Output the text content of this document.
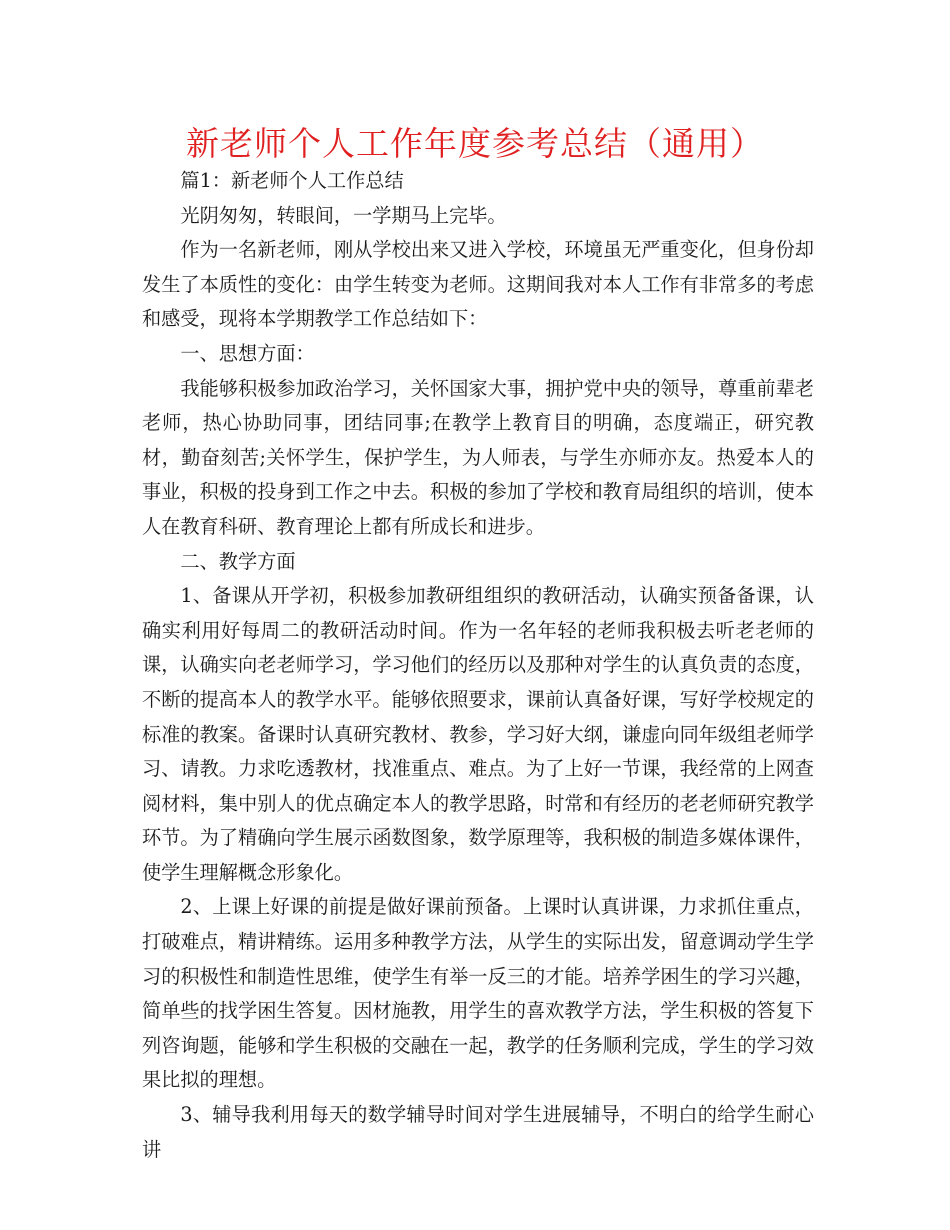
新老师个人工作年度参考总结（通用）

篇1：新老师个人工作总结

光阴匆匆，转眼间，一学期马上完毕。

作为一名新老师，刚从学校出来又进入学校，环境虽无严重变化，但身份却发生了本质性的变化：由学生转变为老师。这期间我对本人工作有非常多的考虑和感受，现将本学期教学工作总结如下：

一、思想方面：

我能够积极参加政治学习，关怀国家大事，拥护党中央的领导，尊重前辈老老师，热心协助同事，团结同事;在教学上教育目的明确，态度端正，研究教材，勤奋刻苦;关怀学生，保护学生，为人师表，与学生亦师亦友。热爱本人的事业，积极的投身到工作之中去。积极的参加了学校和教育局组织的培训，使本人在教育科研、教育理论上都有所成长和进步。

二、教学方面

1、备课从开学初，积极参加教研组组织的教研活动，认确实预备备课，认确实利用好每周二的教研活动时间。作为一名年轻的老师我积极去听老老师的课，认确实向老老师学习，学习他们的经历以及那种对学生的认真负责的态度，不断的提高本人的教学水平。能够依照要求，课前认真备好课，写好学校规定的标准的教案。备课时认真研究教材、教参，学习好大纲，谦虚向同年级组老师学习、请教。力求吃透教材，找准重点、难点。为了上好一节课，我经常的上网查阅材料，集中别人的优点确定本人的教学思路，时常和有经历的老老师研究教学环节。为了精确向学生展示函数图象，数学原理等，我积极的制造多媒体课件，使学生理解概念形象化。

2、上课上好课的前提是做好课前预备。上课时认真讲课，力求抓住重点，打破难点，精讲精练。运用多种教学方法，从学生的实际出发，留意调动学生学习的积极性和制造性思维，使学生有举一反三的才能。培养学困生的学习兴趣，简单些的找学困生答复。因材施教，用学生的喜欢教学方法，学生积极的答复下列咨询题，能够和学生积极的交融在一起，教学的任务顺利完成，学生的学习效果比拟的理想。

3、辅导我利用每天的数学辅导时间对学生进展辅导，不明白的给学生耐心讲
